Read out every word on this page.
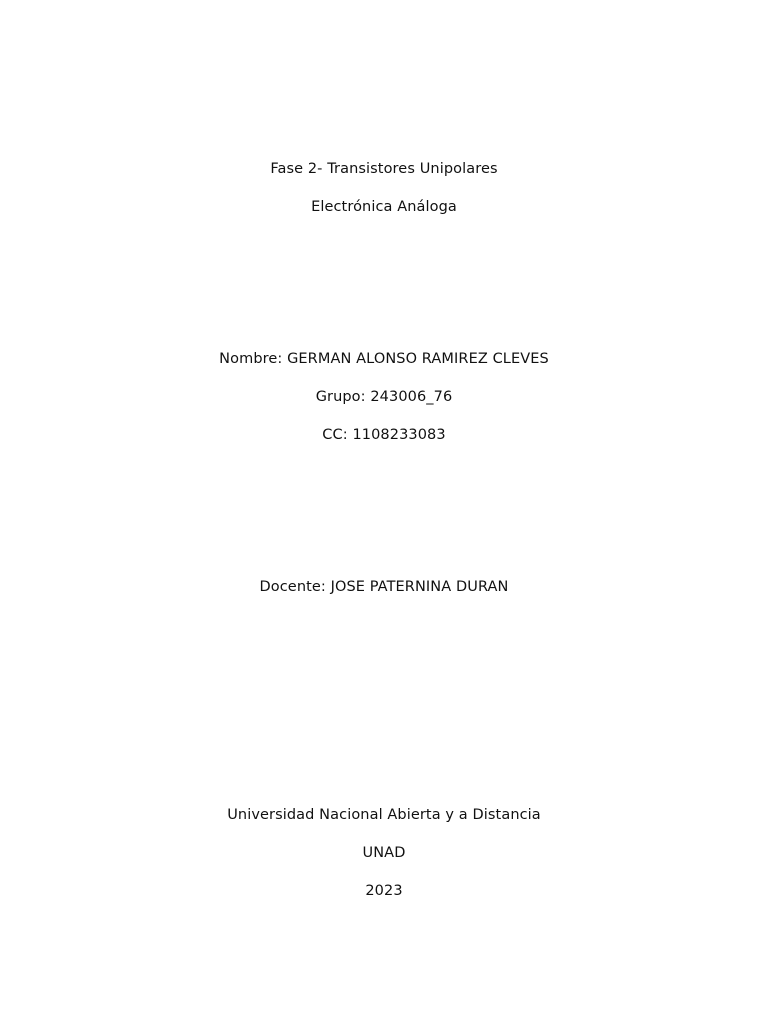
Fase 2- Transistores Unipolares
Electrónica Análoga
Nombre: GERMAN ALONSO RAMIREZ CLEVES
Grupo: 243006_76
CC: 1108233083
Docente: JOSE PATERNINA DURAN
Universidad Nacional Abierta y a Distancia
UNAD
2023
